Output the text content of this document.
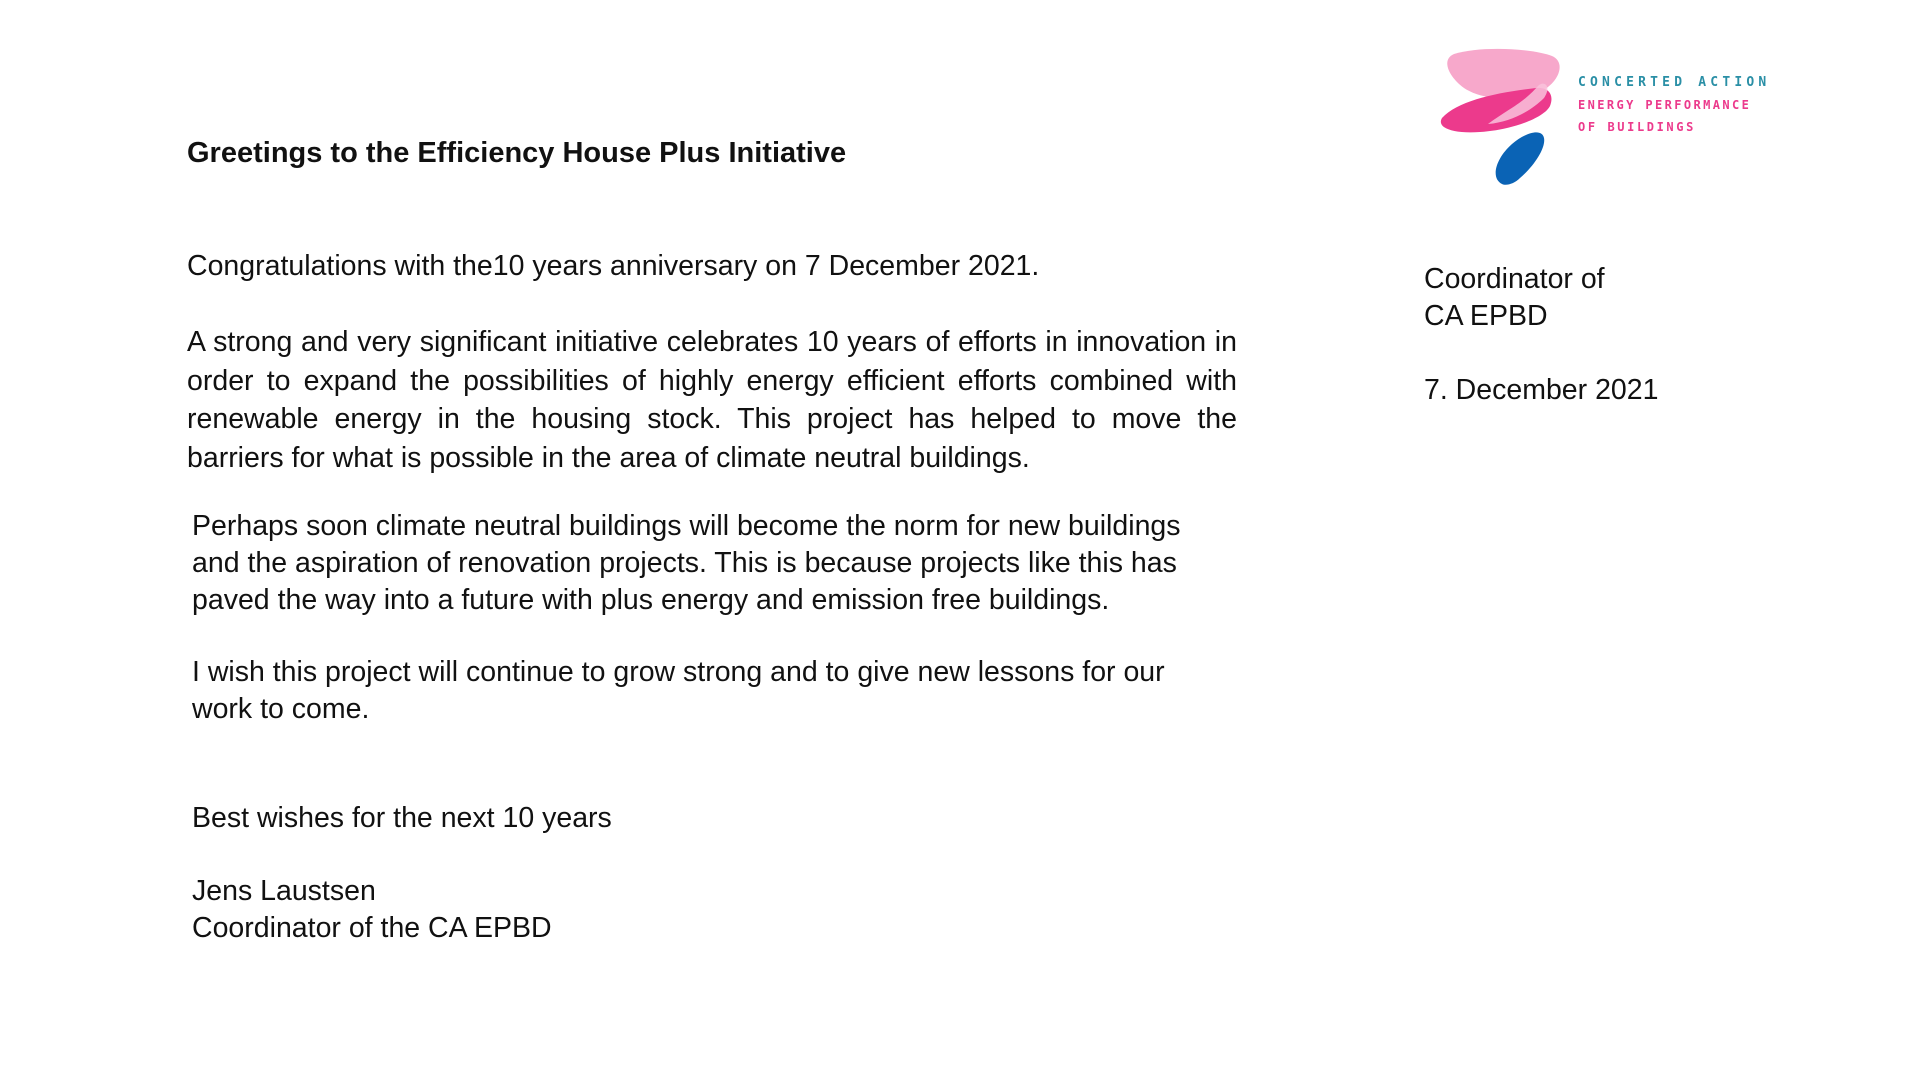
CONCERTED ACTION
ENERGY PERFORMANCE
OF BUILDINGS
Greetings to the Efficiency House Plus Initiative

Congratulations with the10 years anniversary on 7 December 2021.

A strong and very significant initiative celebrates 10 years of efforts in innovation in order to expand the possibilities of highly energy efficient efforts combined with renewable energy in the housing stock. This project has helped to move the barriers for what is possible in the area of climate neutral buildings.

Perhaps soon climate neutral buildings will become the norm for new buildings and the aspiration of renovation projects. This is because projects like this has paved the way into a future with plus energy and emission free buildings.

I wish this project will continue to grow strong and to give new lessons for our work to come.

Best wishes for the next 10 years

Jens Laustsen
Coordinator of the CA EPBD
Coordinator of
CA EPBD
7. December 2021
